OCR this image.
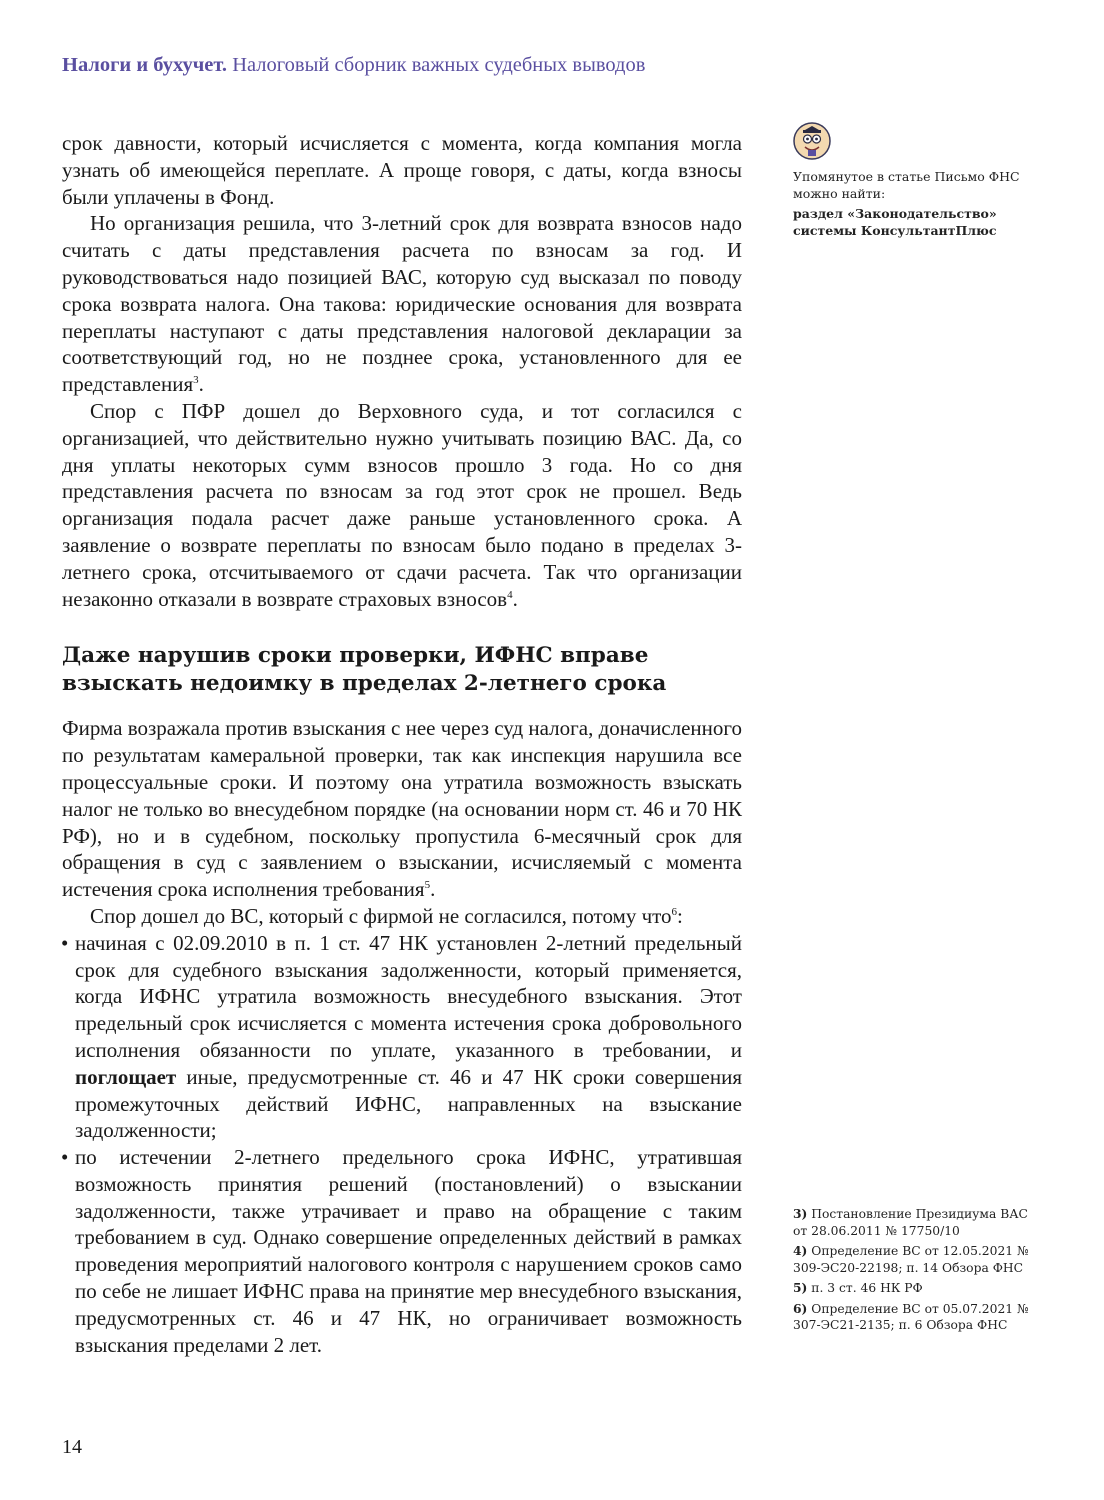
Налоги и бухучет. Налоговый сборник важных судебных выводов

срок давности, который исчисляется с момента, когда компания могла узнать об имеющейся переплате. А проще говоря, с даты, когда взносы были уплачены в Фонд.

Но организация решила, что 3-летний срок для возврата взносов надо считать с даты представления расчета по взносам за год. И руководствоваться надо позицией ВАС, которую суд высказал по поводу срока возврата налога. Она такова: юридические основания для возврата переплаты наступают с даты представления налоговой декларации за соответствующий год, но не позднее срока, установленного для ее представления$^3$.

Спор с ПФР дошел до Верховного суда, и тот согласился с организацией, что действительно нужно учитывать позицию ВАС. Да, со дня уплаты некоторых сумм взносов прошло 3 года. Но со дня представления расчета по взносам за год этот срок не прошел. Ведь организация подала расчет даже раньше установленного срока. А заявление о возврате переплаты по взносам было подано в пределах 3-летнего срока, отсчитываемого от сдачи расчета. Так что организации незаконно отказали в возврате страховых взносов$^4$.

Даже нарушив сроки проверки, ИФНС вправе взыскать недоимку в пределах 2-летнего срока

Фирма возражала против взыскания с нее через суд налога, доначисленного по результатам камеральной проверки, так как инспекция нарушила все процессуальные сроки. И поэтому она утратила возможность взыскать налог не только во внесудебном порядке (на основании норм ст. 46 и 70 НК РФ), но и в судебном, поскольку пропустила 6-месячный срок для обращения в суд с заявлением о взыскании, исчисляемый с момента истечения срока исполнения требования$^5$.

Спор дошел до ВС, который с фирмой не согласился, потому что$^6$:

• начиная с 02.09.2010 в п. 1 ст. 47 НК установлен 2-летний предельный срок для судебного взыскания задолженности, который применяется, когда ИФНС утратила возможность внесудебного взыскания. Этот предельный срок исчисляется с момента истечения срока добровольного исполнения обязанности по уплате, указанного в требовании, и поглощает иные, предусмотренные ст. 46 и 47 НК сроки совершения промежуточных действий ИФНС, направленных на взыскание задолженности;
• по истечении 2-летнего предельного срока ИФНС, утратившая возможность принятия решений (постановлений) о взыскании задолженности, также утрачивает и право на обращение с таким требованием в суд. Однако совершение определенных действий в рамках проведения мероприятий налогового контроля с нарушением сроков само по себе не лишает ИФНС права на принятие мер внесудебного взыскания, предусмотренных ст. 46 и 47 НК, но ограничивает возможность взыскания пределами 2 лет.
Упомянутое в статье Письмо ФНС можно найти:
раздел «Законодательство» системы КонсультантПлюс
3) Постановление Президиума ВАС от 28.06.2011 № 17750/10
4) Определение ВС от 12.05.2021 № 309-ЭС20-22198; п. 14 Обзора ФНС
5) п. 3 ст. 46 НК РФ
6) Определение ВС от 05.07.2021 № 307-ЭС21-2135; п. 6 Обзора ФНС
14
